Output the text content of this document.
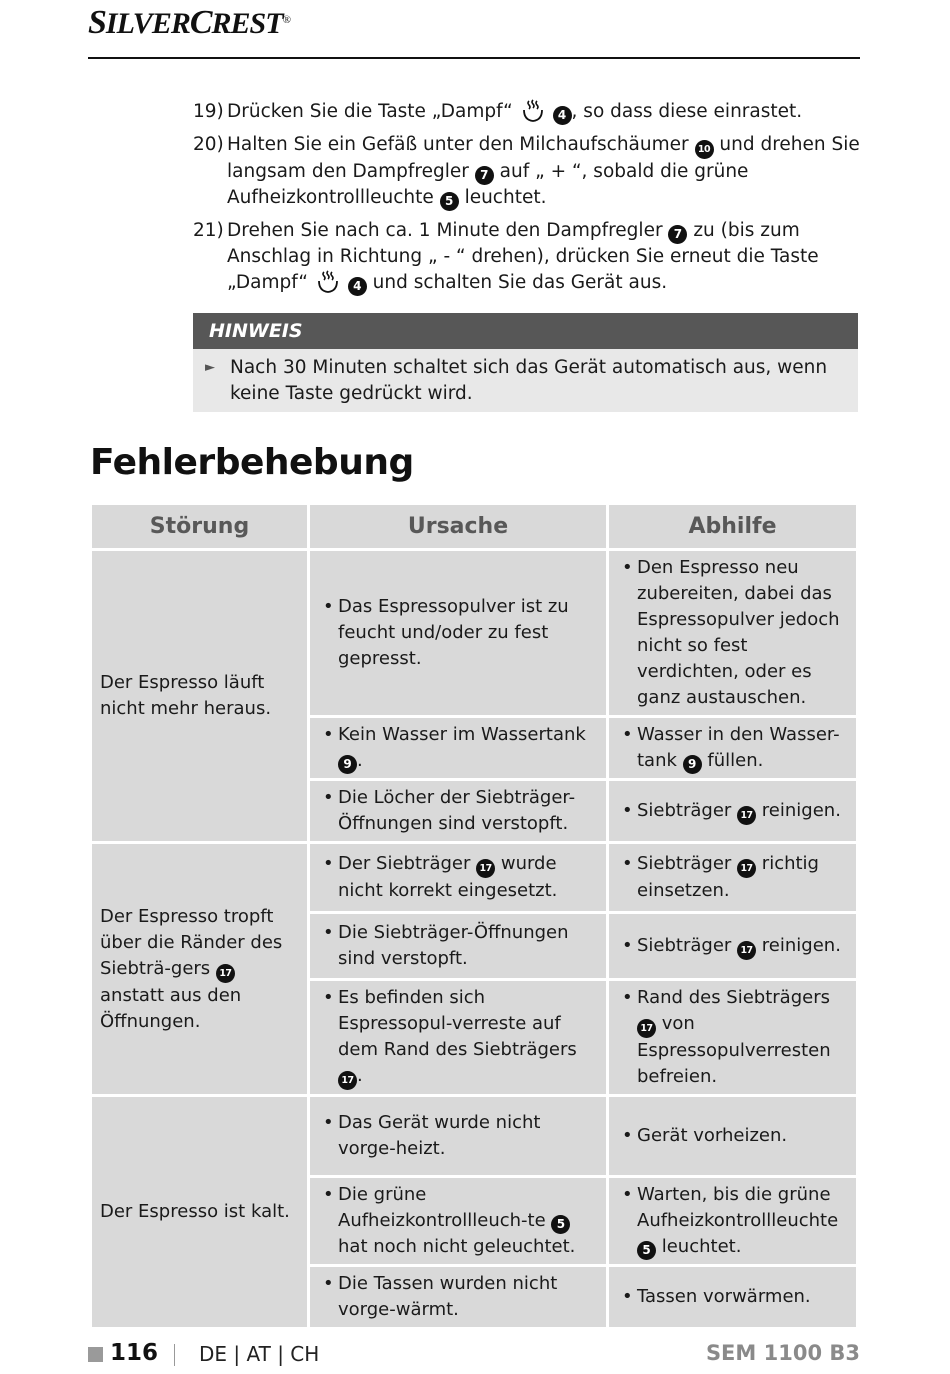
SILVERCREST®
19) Drücken Sie die Taste „Dampf“	4 , so dass diese einrastet.
20) Halten Sie ein Gefäß unter den Milchaufschäumer 10 und drehen Sie langsam den Dampfregler 7 auf „ + “, sobald die grüne Aufheizkontrollleuchte 5 leuchtet.
21) Drehen Sie nach ca. 1 Minute den Dampfregler 7 zu (bis zum Anschlag in Richtung „ - “ drehen), drücken Sie erneut die Taste „Dampf“	4 und schalten Sie das Gerät aus.
HINWEIS
► Nach 30 Minuten schaltet sich das Gerät automatisch aus, wenn keine Taste gedrückt wird.
Fehlerbehebung
Störung	Ursache	Abhilfe
Der Espresso läuft nicht mehr heraus.	• Das Espressopulver ist zu feucht und/oder zu fest gepresst.	• Den Espresso neu zubereiten, dabei das Espressopulver jedoch nicht so fest verdichten, oder es ganz austauschen.

	• Kein Wasser im Wassertank 9 .	• Wasser in den Wasser-tank 9 füllen.

	• Die Löcher der Siebträger-Öffnungen sind verstopft.	• Siebträger 17 reinigen.

Der Espresso tropft über die Ränder des Siebträ-gers 17 anstatt aus den Öffnungen.	• Der Siebträger 17 wurde nicht korrekt eingesetzt.	• Siebträger 17 richtig einsetzen.

	• Die Siebträger-Öffnungen sind verstopft.	• Siebträger 17 reinigen.

	• Es befinden sich Espressopul-verreste auf dem Rand des Siebträgers 17 .	• Rand des Siebträgers 17 von Espressopulverresten befreien.

Der Espresso ist kalt.	• Das Gerät wurde nicht vorge-heizt.	• Gerät vorheizen.

	• Die grüne Aufheizkontrollleuch-te 5 hat noch nicht geleuchtet.	• Warten, bis die grüne Aufheizkontrollleuchte 5 leuchtet.

	• Die Tassen wurden nicht vorge-wärmt.	• Tassen vorwärmen.
116 DE | AT | CH	SEM 1100 B3
